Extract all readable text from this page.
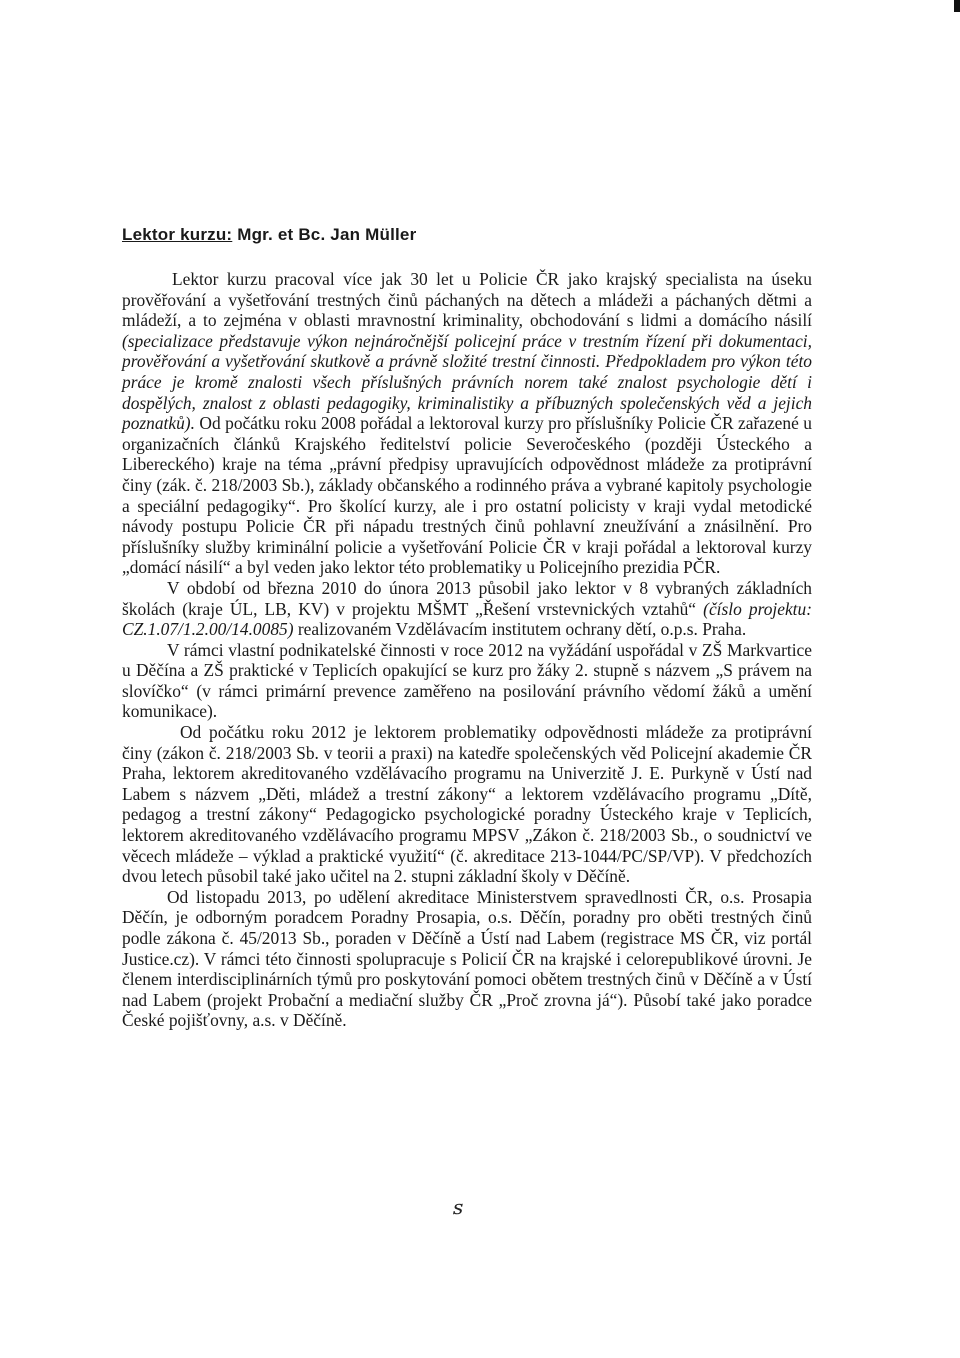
Lektor kurzu: Mgr. et Bc. Jan Müller

Lektor kurzu pracoval více jak 30 let u Policie ČR jako krajský specialista na úseku prověřování a vyšetřování trestných činů páchaných na dětech a mládeži a páchaných dětmi a mládeží, a to zejména v oblasti mravnostní kriminality, obchodování s lidmi a domácího násilí (specializace představuje výkon nejnáročnější policejní práce v trestním řízení při dokumentaci, prověřování a vyšetřování skutkově a právně složité trestní činnosti. Předpokladem pro výkon této práce je kromě znalosti všech příslušných právních norem také znalost psychologie dětí i dospělých, znalost z oblasti pedagogiky, kriminalistiky a příbuzných společenských věd a jejich poznatků). Od počátku roku 2008 pořádal a lektoroval kurzy pro příslušníky Policie ČR zařazené u organizačních článků Krajského ředitelství policie Severočeského (později Ústeckého a Libereckého) kraje na téma „právní předpisy upravujících odpovědnost mládeže za protiprávní činy (zák. č. 218/2003 Sb.), základy občanského a rodinného práva a vybrané kapitoly psychologie a speciální pedagogiky“. Pro školící kurzy, ale i pro ostatní policisty v kraji vydal metodické návody postupu Policie ČR při nápadu trestných činů pohlavní zneužívání a znásilnění. Pro příslušníky služby kriminální policie a vyšetřování Policie ČR v kraji pořádal a lektoroval kurzy „domácí násilí“ a byl veden jako lektor této problematiky u Policejního prezidia PČR.

V období od března 2010 do února 2013 působil jako lektor v 8 vybraných základních školách (kraje ÚL, LB, KV) v projektu MŠMT „Řešení vrstevnických vztahů“ (číslo projektu: CZ.1.07/1.2.00/14.0085) realizovaném Vzdělávacím institutem ochrany dětí, o.p.s. Praha.

V rámci vlastní podnikatelské činnosti v roce 2012 na vyžádání uspořádal v ZŠ Markvartice u Děčína a ZŠ praktické v Teplicích opakující se kurz pro žáky 2. stupně s názvem „S právem na slovíčko“ (v rámci primární prevence zaměřeno na posilování právního vědomí žáků a umění komunikace).

Od počátku roku 2012 je lektorem problematiky odpovědnosti mládeže za protiprávní činy (zákon č. 218/2003 Sb. v teorii a praxi) na katedře společenských věd Policejní akademie ČR Praha, lektorem akreditovaného vzdělávacího programu na Univerzitě J. E. Purkyně v Ústí nad Labem s názvem „Děti, mládež a trestní zákony“ a lektorem vzdělávacího programu „Dítě, pedagog a trestní zákony“ Pedagogicko psychologické poradny Ústeckého kraje v Teplicích, lektorem akreditovaného vzdělávacího programu MPSV „Zákon č. 218/2003 Sb., o soudnictví ve věcech mládeže – výklad a praktické využití“ (č. akreditace 213-1044/PC/SP/VP). V předchozích dvou letech působil také jako učitel na 2. stupni základní školy v Děčíně.

Od listopadu 2013, po udělení akreditace Ministerstvem spravedlnosti ČR, o.s. Prosapia Děčín, je odborným poradcem Poradny Prosapia, o.s. Děčín, poradny pro oběti trestných činů podle zákona č. 45/2013 Sb., poraden v Děčíně a Ústí nad Labem (registrace MS ČR, viz portál Justice.cz). V rámci této činnosti spolupracuje s Policií ČR na krajské i celorepublikové úrovni. Je členem interdisciplinárních týmů pro poskytování pomoci obětem trestných činů v Děčíně a v Ústí nad Labem (projekt Probační a mediační služby ČR „Proč zrovna já“). Působí také jako poradce České pojišťovny, a.s. v Děčíně.

ꜱ
